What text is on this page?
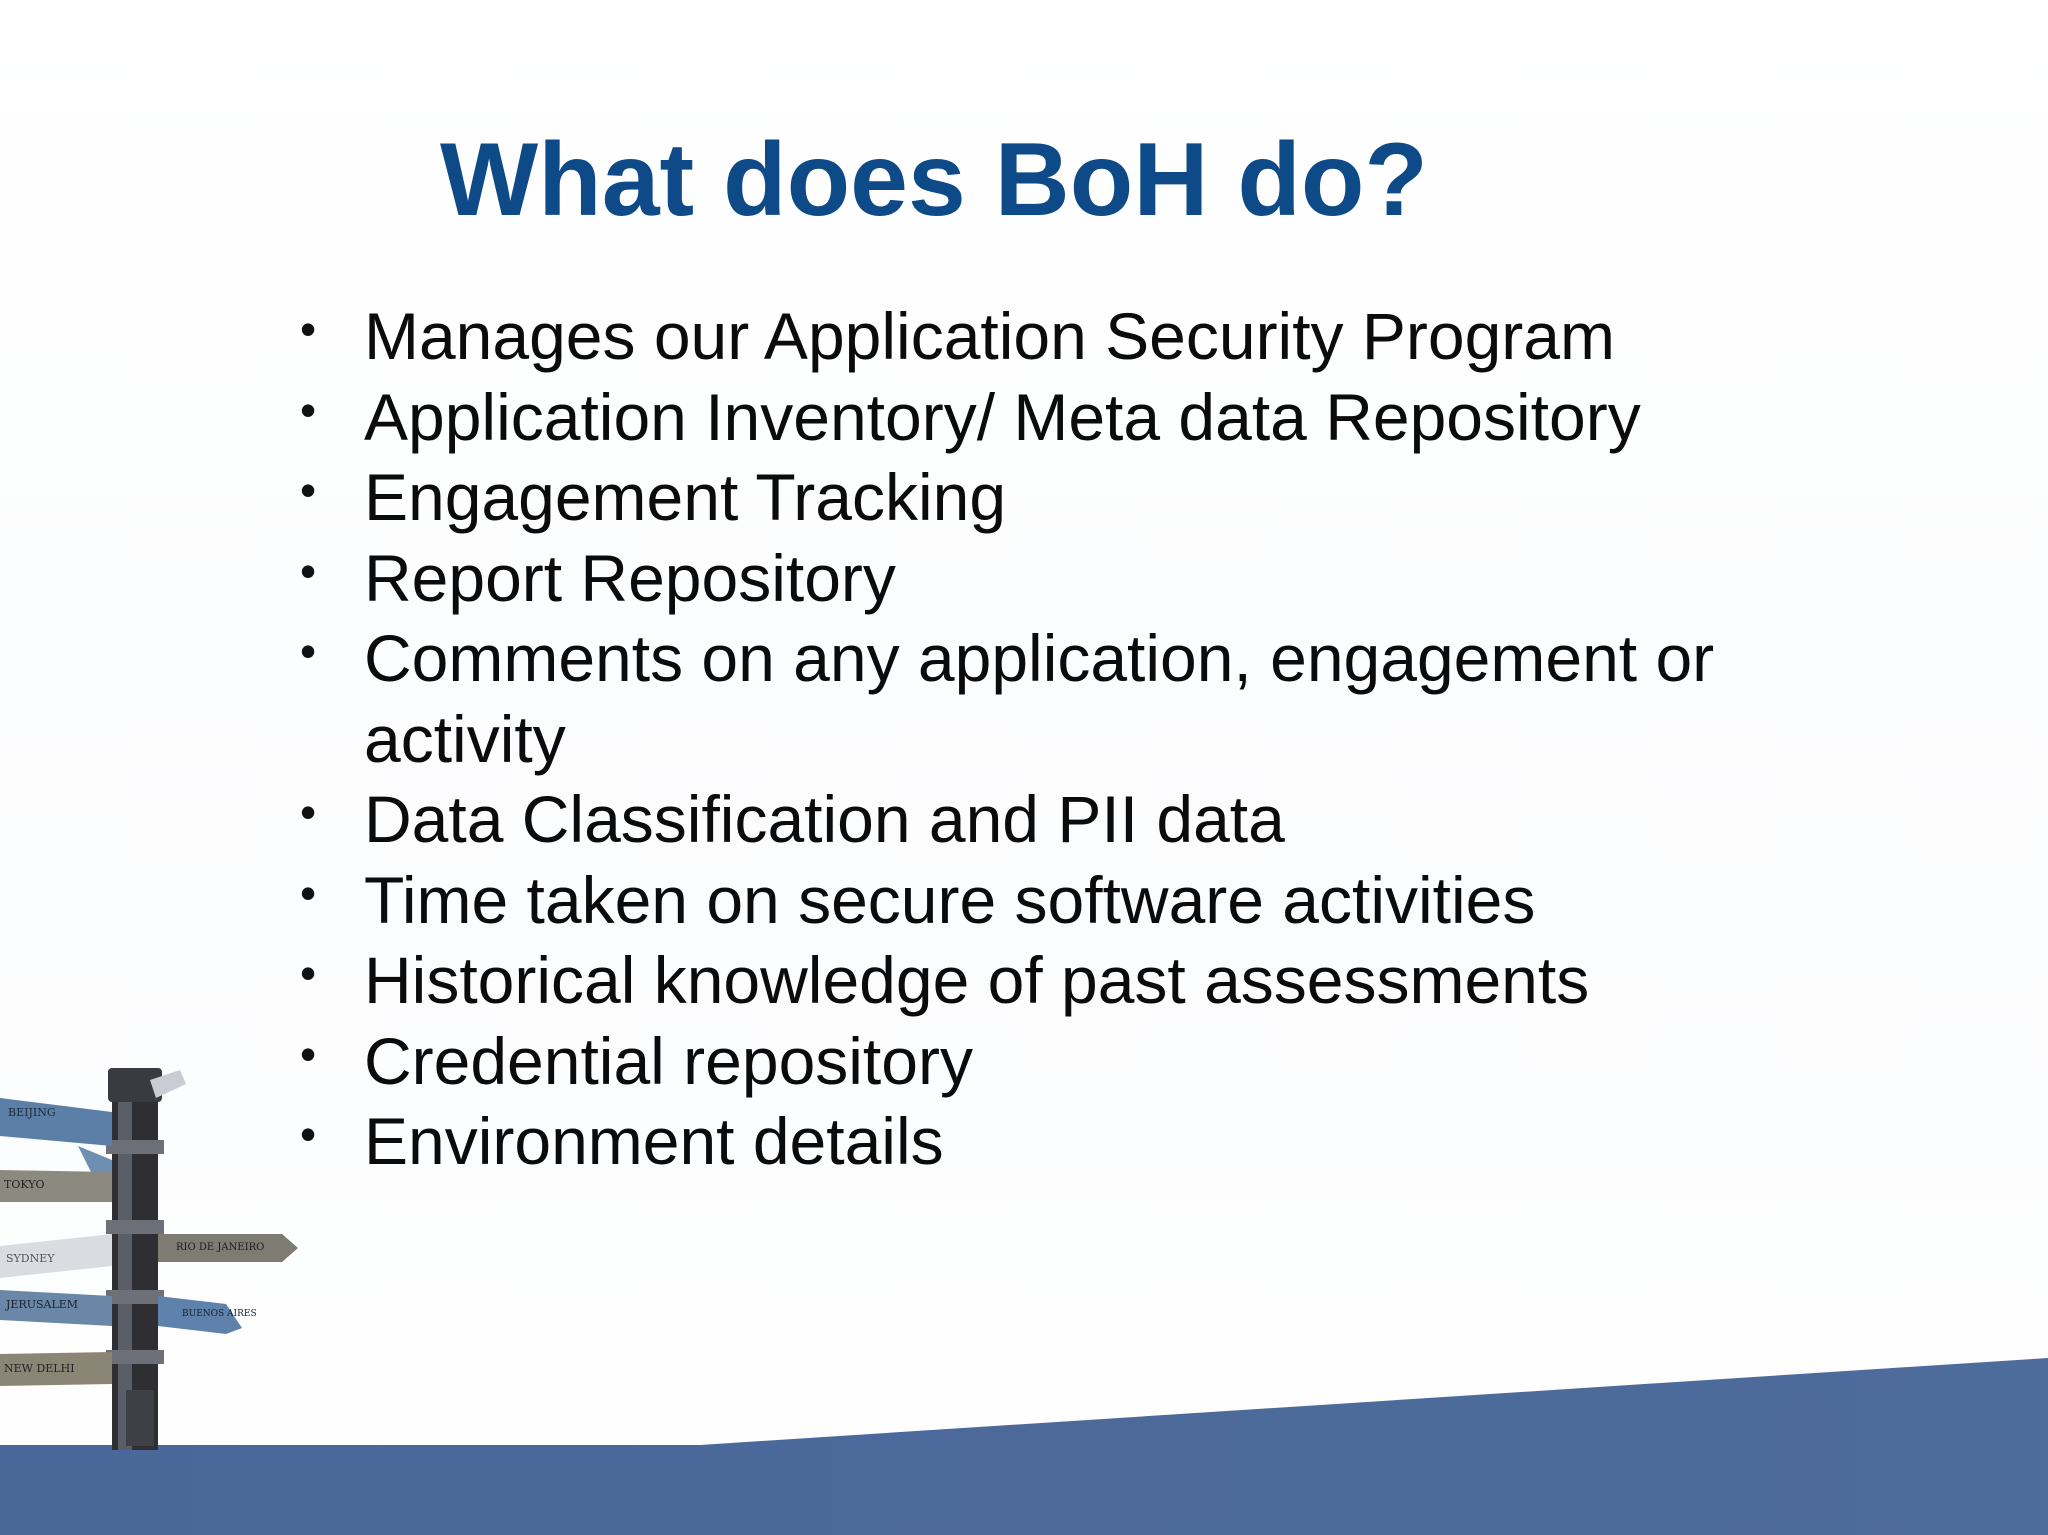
BEIJING
TOKYO
SYDNEY
JERUSALEM
NEW DELHI
RIO DE JANEIRO
BUENOS AIRES
What does BoH do?
• Manages our Application Security Program
• Application Inventory/ Meta data Repository
• Engagement Tracking
• Report Repository
• Comments on any application, engagement or activity
• Data Classification and PII data
• Time taken on secure software activities
• Historical knowledge of past assessments
• Credential repository
• Environment details
